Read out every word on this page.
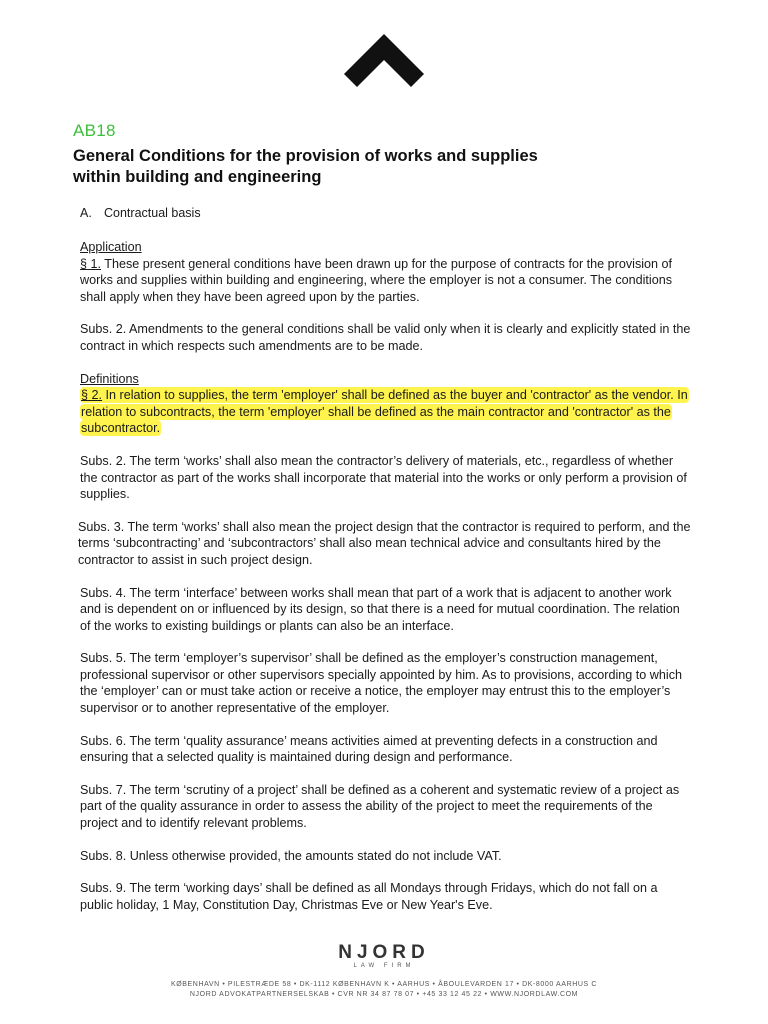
AB18
General Conditions for the provision of works and supplies
within building and engineering
A. Contractual basis
Application

§ 1. These present general conditions have been drawn up for the purpose of contracts for the provision of works and supplies within building and engineering, where the employer is not a consumer. The conditions shall apply when they have been agreed upon by the parties.

Subs. 2. Amendments to the general conditions shall be valid only when it is clearly and explicitly stated in the contract in which respects such amendments are to be made.

Definitions

§ 2. In relation to supplies, the term 'employer' shall be defined as the buyer and 'contractor' as the vendor. In relation to subcontracts, the term 'employer' shall be defined as the main contractor and 'contractor' as the subcontractor.

Subs. 2. The term ‘works’ shall also mean the contractor’s delivery of materials, etc., regardless of whether the contractor as part of the works shall incorporate that material into the works or only perform a provision of supplies.

Subs. 3. The term ‘works’ shall also mean the project design that the contractor is required to perform, and the terms ‘subcontracting’ and ‘subcontractors’ shall also mean technical advice and consultants hired by the contractor to assist in such project design.

Subs. 4. The term ‘interface’ between works shall mean that part of a work that is adjacent to another work and is dependent on or influenced by its design, so that there is a need for mutual coordination. The relation of the works to existing buildings or plants can also be an interface.

Subs. 5. The term ‘employer’s supervisor’ shall be defined as the employer’s construction management, professional supervisor or other supervisors specially appointed by him. As to provisions, according to which the ‘employer’ can or must take action or receive a notice, the employer may entrust this to the employer’s supervisor or to another representative of the employer.

Subs. 6. The term ‘quality assurance’ means activities aimed at preventing defects in a construction and ensuring that a selected quality is maintained during design and performance.

Subs. 7. The term ‘scrutiny of a project’ shall be defined as a coherent and systematic review of a project as part of the quality assurance in order to assess the ability of the project to meet the requirements of the project and to identify relevant problems.

Subs. 8. Unless otherwise provided, the amounts stated do not include VAT.

Subs. 9. The term ‘working days’ shall be defined as all Mondays through Fridays, which do not fall on a public holiday, 1 May, Constitution Day, Christmas Eve or New Year's Eve.

NJORD
LAW FIRM
KØBENHAVN • PILESTRÆDE 58 • DK-1112 KØBENHAVN K • AARHUS • ÅBOULEVARDEN 17 • DK-8000 AARHUS C
NJORD ADVOKATPARTNERSELSKAB • CVR NR 34 87 78 07 • +45 33 12 45 22 • WWW.NJORDLAW.COM
